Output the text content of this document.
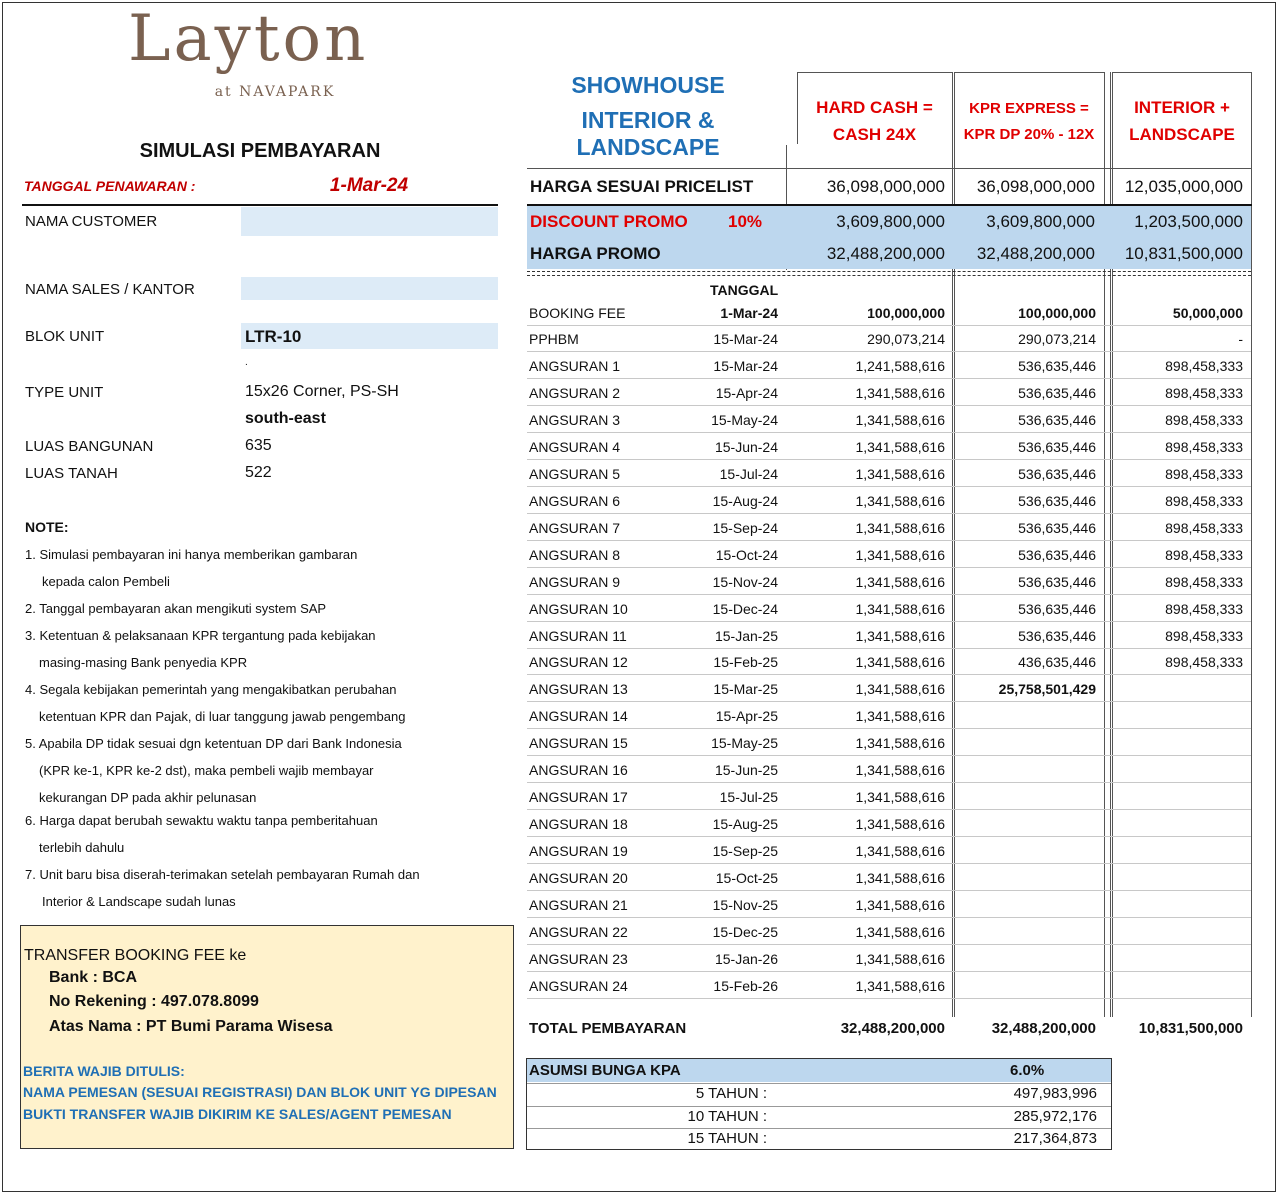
Layton
at NAVAPARK
SIMULASI PEMBAYARAN
TANGGAL PENAWARAN :	1-Mar-24
NAMA CUSTOMER
NAMA SALES / KANTOR
BLOK UNIT	LTR-10
.
TYPE UNIT	15x26 Corner, PS-SH
south-east
LUAS BANGUNAN	635
LUAS TANAH	522
NOTE:
1. Simulasi pembayaran ini hanya memberikan gambaran
kepada calon Pembeli
2. Tanggal pembayaran akan mengikuti system SAP
3. Ketentuan & pelaksanaan KPR tergantung pada kebijakan
masing-masing Bank penyedia KPR
4. Segala kebijakan pemerintah yang mengakibatkan perubahan
ketentuan KPR dan Pajak, di luar tanggung jawab pengembang
5. Apabila DP tidak sesuai dgn ketentuan DP dari Bank Indonesia
(KPR ke-1, KPR ke-2 dst), maka pembeli wajib membayar
kekurangan DP pada akhir pelunasan
6. Harga dapat berubah sewaktu waktu tanpa pemberitahuan
terlebih dahulu
7. Unit baru bisa diserah-terimakan setelah pembayaran Rumah dan
Interior & Landscape sudah lunas
TRANSFER BOOKING FEE ke
Bank : BCA
No Rekening : 497.078.8099
Atas Nama : PT Bumi Parama Wisesa
BERITA WAJIB DITULIS:
NAMA PEMESAN (SESUAI REGISTRASI) DAN BLOK UNIT YG DIPESAN
BUKTI TRANSFER WAJIB DIKIRIM KE SALES/AGENT PEMESAN
SHOWHOUSE
INTERIOR & LANDSCAPE
HARD CASH =
CASH 24X
KPR EXPRESS =
KPR DP 20% - 12X
INTERIOR +
LANDSCAPE
HARGA SESUAI PRICELIST	36,098,000,000	36,098,000,000	12,035,000,000
DISCOUNT PROMO 10%	3,609,800,000	3,609,800,000	1,203,500,000
HARGA PROMO	32,488,200,000	32,488,200,000	10,831,500,000
TANGGAL
BOOKING FEE	1-Mar-24	100,000,000	100,000,000	50,000,000
PPHBM	15-Mar-24	290,073,214	290,073,214	-
ANGSURAN 1	15-Mar-24	1,241,588,616	536,635,446	898,458,333
ANGSURAN 2	15-Apr-24	1,341,588,616	536,635,446	898,458,333
ANGSURAN 3	15-May-24	1,341,588,616	536,635,446	898,458,333
ANGSURAN 4	15-Jun-24	1,341,588,616	536,635,446	898,458,333
ANGSURAN 5	15-Jul-24	1,341,588,616	536,635,446	898,458,333
ANGSURAN 6	15-Aug-24	1,341,588,616	536,635,446	898,458,333
ANGSURAN 7	15-Sep-24	1,341,588,616	536,635,446	898,458,333
ANGSURAN 8	15-Oct-24	1,341,588,616	536,635,446	898,458,333
ANGSURAN 9	15-Nov-24	1,341,588,616	536,635,446	898,458,333
ANGSURAN 10	15-Dec-24	1,341,588,616	536,635,446	898,458,333
ANGSURAN 11	15-Jan-25	1,341,588,616	536,635,446	898,458,333
ANGSURAN 12	15-Feb-25	1,341,588,616	436,635,446	898,458,333
ANGSURAN 13	15-Mar-25	1,341,588,616	25,758,501,429
ANGSURAN 14	15-Apr-25	1,341,588,616
ANGSURAN 15	15-May-25	1,341,588,616
ANGSURAN 16	15-Jun-25	1,341,588,616
ANGSURAN 17	15-Jul-25	1,341,588,616
ANGSURAN 18	15-Aug-25	1,341,588,616
ANGSURAN 19	15-Sep-25	1,341,588,616
ANGSURAN 20	15-Oct-25	1,341,588,616
ANGSURAN 21	15-Nov-25	1,341,588,616
ANGSURAN 22	15-Dec-25	1,341,588,616
ANGSURAN 23	15-Jan-26	1,341,588,616
ANGSURAN 24	15-Feb-26	1,341,588,616
TOTAL PEMBAYARAN	32,488,200,000	32,488,200,000	10,831,500,000
ASUMSI BUNGA KPA	6.0%
5 TAHUN :	497,983,996
10 TAHUN :	285,972,176
15 TAHUN :	217,364,873
